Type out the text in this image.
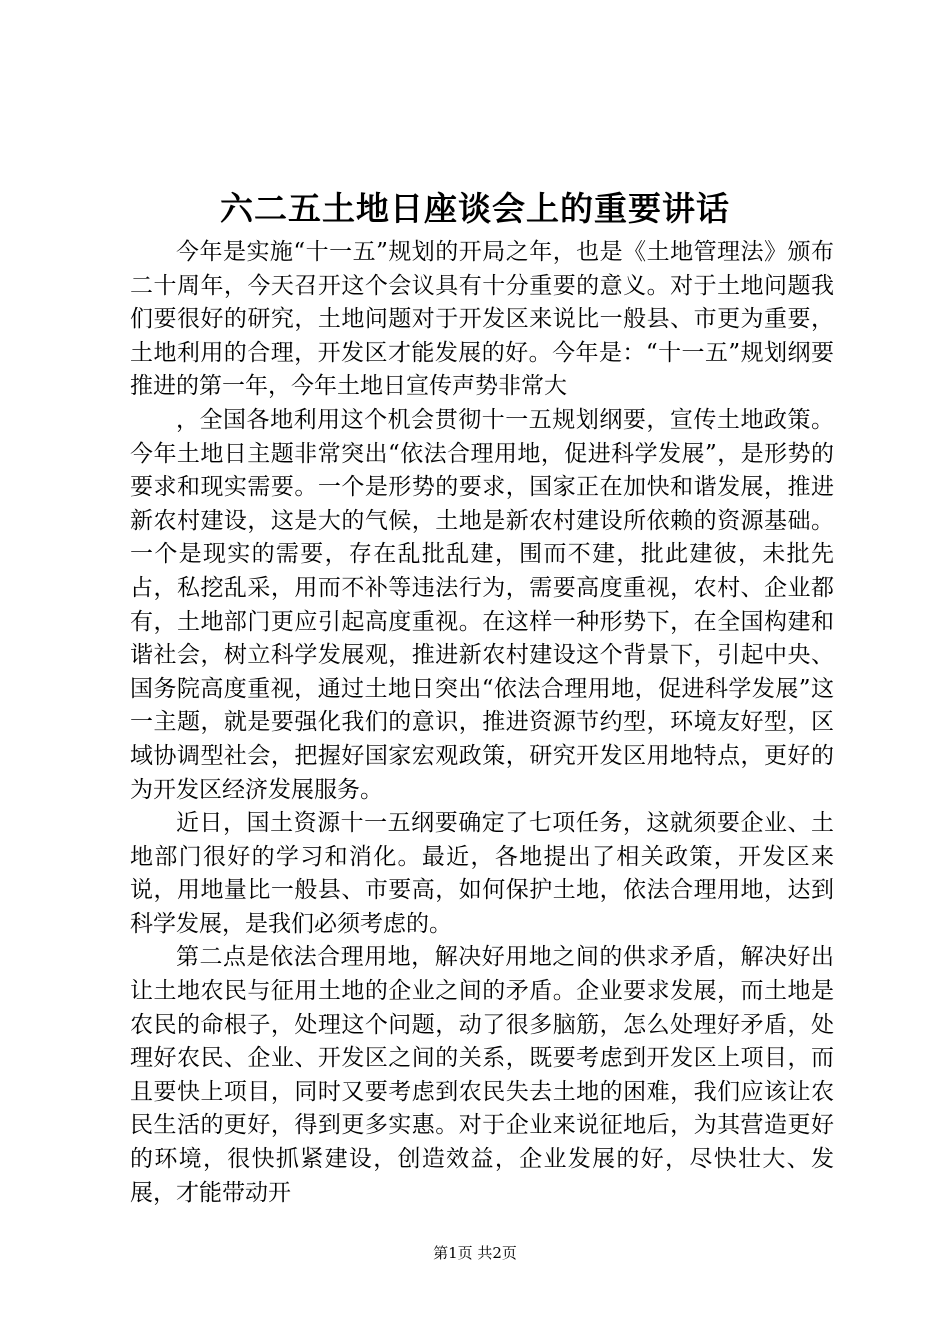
六二五土地日座谈会上的重要讲话

今年是实施“十一五”规划的开局之年，也是《土地管理法》颁布二十周年，今天召开这个会议具有十分重要的意义。对于土地问题我们要很好的研究，土地问题对于开发区来说比一般县、市更为重要，土地利用的合理，开发区才能发展的好。今年是：“十一五”规划纲要推进的第一年，今年土地日宣传声势非常大

，全国各地利用这个机会贯彻十一五规划纲要，宣传土地政策。今年土地日主题非常突出“依法合理用地，促进科学发展”，是形势的要求和现实需要。一个是形势的要求，国家正在加快和谐发展，推进新农村建设，这是大的气候，土地是新农村建设所依赖的资源基础。一个是现实的需要，存在乱批乱建，围而不建，批此建彼，未批先占，私挖乱采，用而不补等违法行为，需要高度重视，农村、企业都有，土地部门更应引起高度重视。在这样一种形势下，在全国构建和谐社会，树立科学发展观，推进新农村建设这个背景下，引起中央、国务院高度重视，通过土地日突出“依法合理用地，促进科学发展”这一主题，就是要强化我们的意识，推进资源节约型，环境友好型，区域协调型社会，把握好国家宏观政策，研究开发区用地特点，更好的为开发区经济发展服务。

近日，国土资源十一五纲要确定了七项任务，这就须要企业、土地部门很好的学习和消化。最近，各地提出了相关政策，开发区来说，用地量比一般县、市要高，如何保护土地，依法合理用地，达到科学发展，是我们必须考虑的。

第二点是依法合理用地，解决好用地之间的供求矛盾，解决好出让土地农民与征用土地的企业之间的矛盾。企业要求发展，而土地是农民的命根子，处理这个问题，动了很多脑筋，怎么处理好矛盾，处理好农民、企业、开发区之间的关系，既要考虑到开发区上项目，而且要快上项目，同时又要考虑到农民失去土地的困难，我们应该让农民生活的更好，得到更多实惠。对于企业来说征地后，为其营造更好的环境，很快抓紧建设，创造效益，企业发展的好，尽快壮大、发展，才能带动开

第1页 共2页
